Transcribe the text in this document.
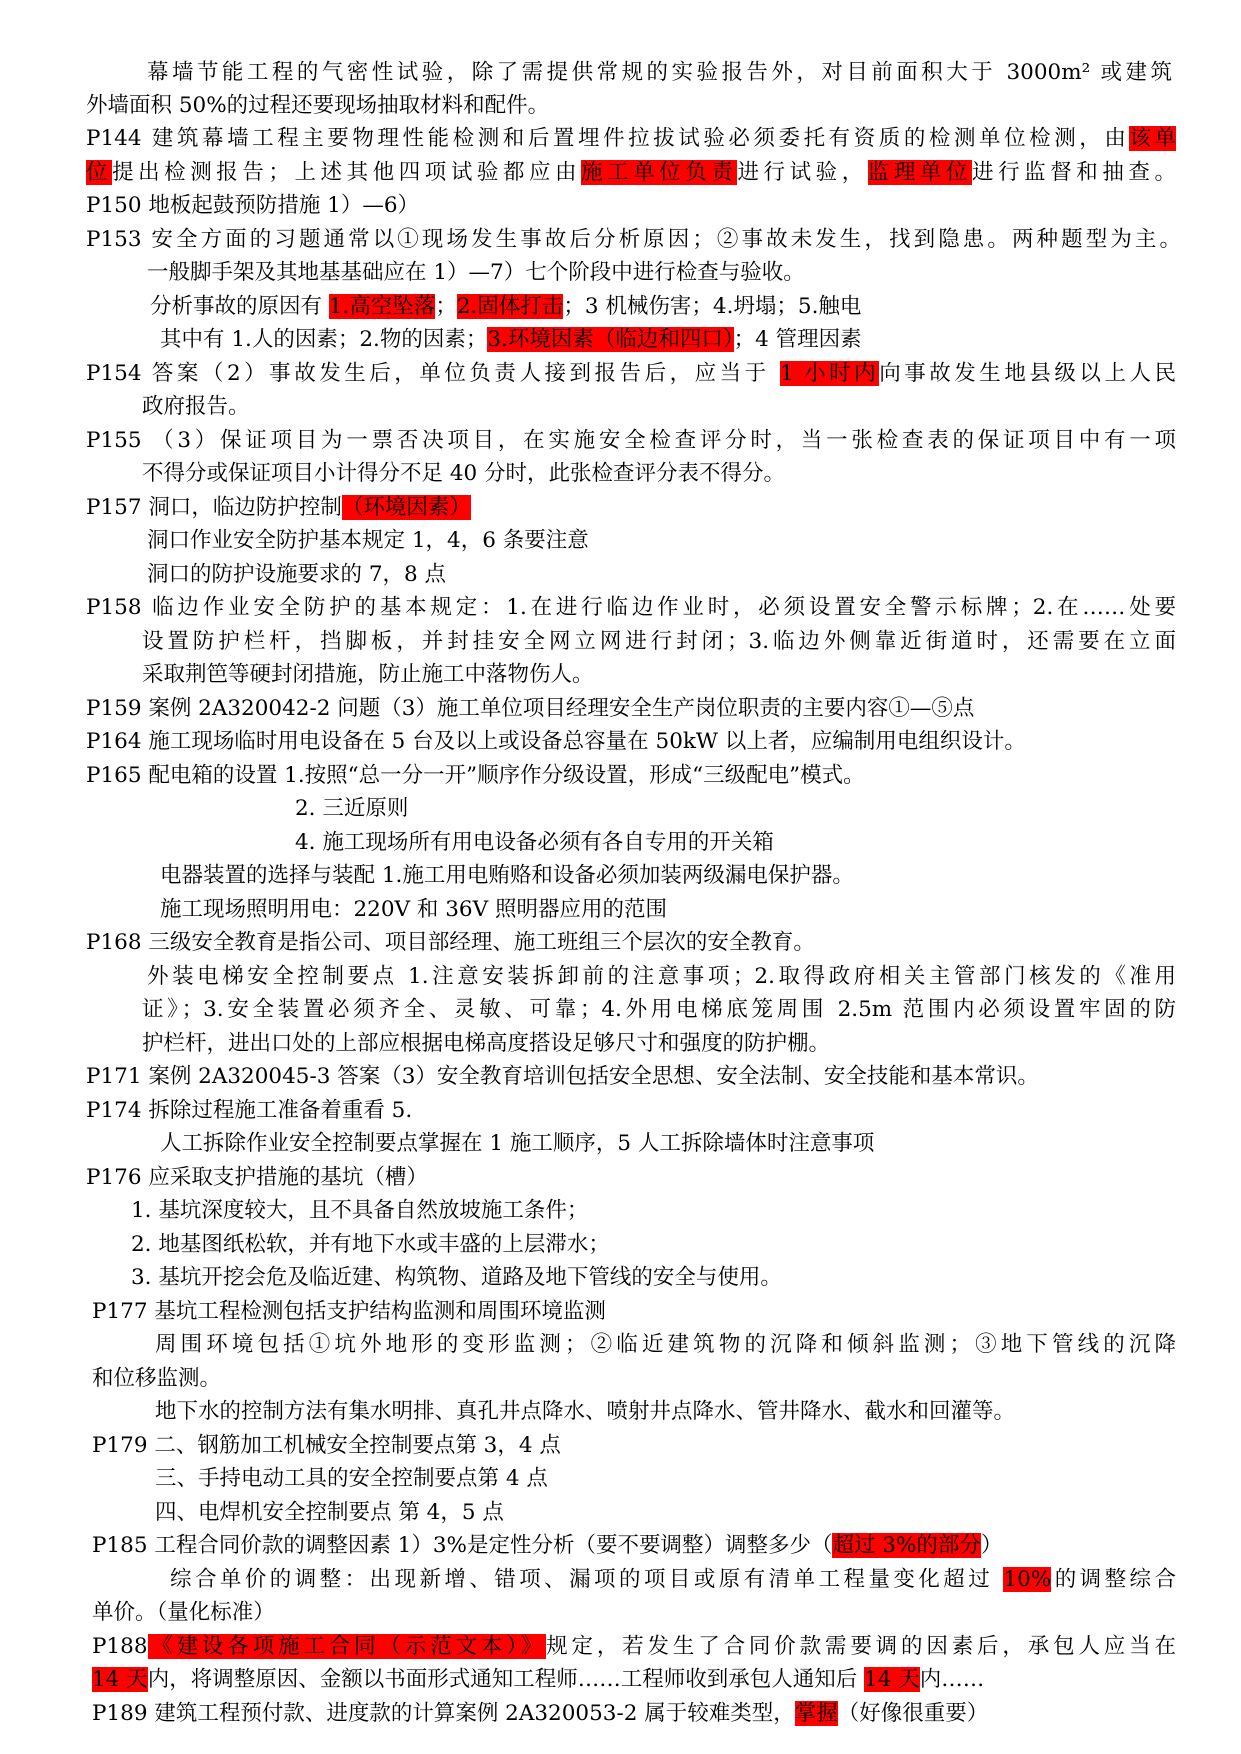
幕墙节能工程的气密性试验，除了需提供常规的实验报告外，对目前面积大于 3000m² 或建筑
外墙面积 50%的过程还要现场抽取材料和配件。
P144 建筑幕墙工程主要物理性能检测和后置埋件拉拔试验必须委托有资质的检测单位检测，由该单
位提出检测报告；上述其他四项试验都应由施工单位负责进行试验，监理单位进行监督和抽查。
P150 地板起鼓预防措施 1）—6）
P153 安全方面的习题通常以①现场发生事故后分析原因；②事故未发生，找到隐患。两种题型为主。
一般脚手架及其地基基础应在 1）—7）七个阶段中进行检查与验收。
分析事故的原因有 1.高空坠落；2.固体打击；3 机械伤害；4.坍塌；5.触电
其中有 1.人的因素；2.物的因素；3.环境因素（临边和四口）；4 管理因素
P154 答案（2）事故发生后，单位负责人接到报告后，应当于 1 小时内向事故发生地县级以上人民
政府报告。
P155 （3）保证项目为一票否决项目，在实施安全检查评分时，当一张检查表的保证项目中有一项
不得分或保证项目小计得分不足 40 分时，此张检查评分表不得分。
P157 洞口，临边防护控制（环境因素）
洞口作业安全防护基本规定 1，4，6 条要注意
洞口的防护设施要求的 7，8 点
P158 临边作业安全防护的基本规定：1.在进行临边作业时，必须设置安全警示标牌；2.在……处要
设置防护栏杆，挡脚板，并封挂安全网立网进行封闭；3.临边外侧靠近街道时，还需要在立面
采取荆笆等硬封闭措施，防止施工中落物伤人。
P159 案例 2A320042-2 问题（3）施工单位项目经理安全生产岗位职责的主要内容①—⑤点
P164 施工现场临时用电设备在 5 台及以上或设备总容量在 50kW 以上者，应编制用电组织设计。
P165 配电箱的设置 1.按照“总一分一开”顺序作分级设置，形成“三级配电”模式。
2. 三近原则
4. 施工现场所有用电设备必须有各自专用的开关箱
电器装置的选择与装配 1.施工用电贿赂和设备必须加装两级漏电保护器。
施工现场照明用电：220V 和 36V 照明器应用的范围
P168 三级安全教育是指公司、项目部经理、施工班组三个层次的安全教育。
外装电梯安全控制要点 1.注意安装拆卸前的注意事项；2.取得政府相关主管部门核发的《准用
证》；3.安全装置必须齐全、灵敏、可靠；4.外用电梯底笼周围 2.5m 范围内必须设置牢固的防
护栏杆，进出口处的上部应根据电梯高度搭设足够尺寸和强度的防护棚。
P171 案例 2A320045-3 答案（3）安全教育培训包括安全思想、安全法制、安全技能和基本常识。
P174 拆除过程施工准备着重看 5.
人工拆除作业安全控制要点掌握在 1 施工顺序，5 人工拆除墙体时注意事项
P176 应采取支护措施的基坑（槽）
1. 基坑深度较大，且不具备自然放坡施工条件；
2. 地基图纸松软，并有地下水或丰盛的上层滞水；
3. 基坑开挖会危及临近建、构筑物、道路及地下管线的安全与使用。
P177 基坑工程检测包括支护结构监测和周围环境监测
周围环境包括①坑外地形的变形监测；②临近建筑物的沉降和倾斜监测；③地下管线的沉降
和位移监测。
地下水的控制方法有集水明排、真孔井点降水、喷射井点降水、管井降水、截水和回灌等。
P179 二、钢筋加工机械安全控制要点第 3，4 点
三、手持电动工具的安全控制要点第 4 点
四、电焊机安全控制要点 第 4，5 点
P185 工程合同价款的调整因素 1）3%是定性分析（要不要调整）调整多少（超过 3%的部分）
综合单价的调整：出现新增、错项、漏项的项目或原有清单工程量变化超过 10%的调整综合
单价。（量化标准）
P188《建设各项施工合同（示范文本）》规定，若发生了合同价款需要调的因素后，承包人应当在
14 天内，将调整原因、金额以书面形式通知工程师……工程师收到承包人通知后 14 天内……
P189 建筑工程预付款、进度款的计算案例 2A320053-2 属于较难类型，掌握（好像很重要）
